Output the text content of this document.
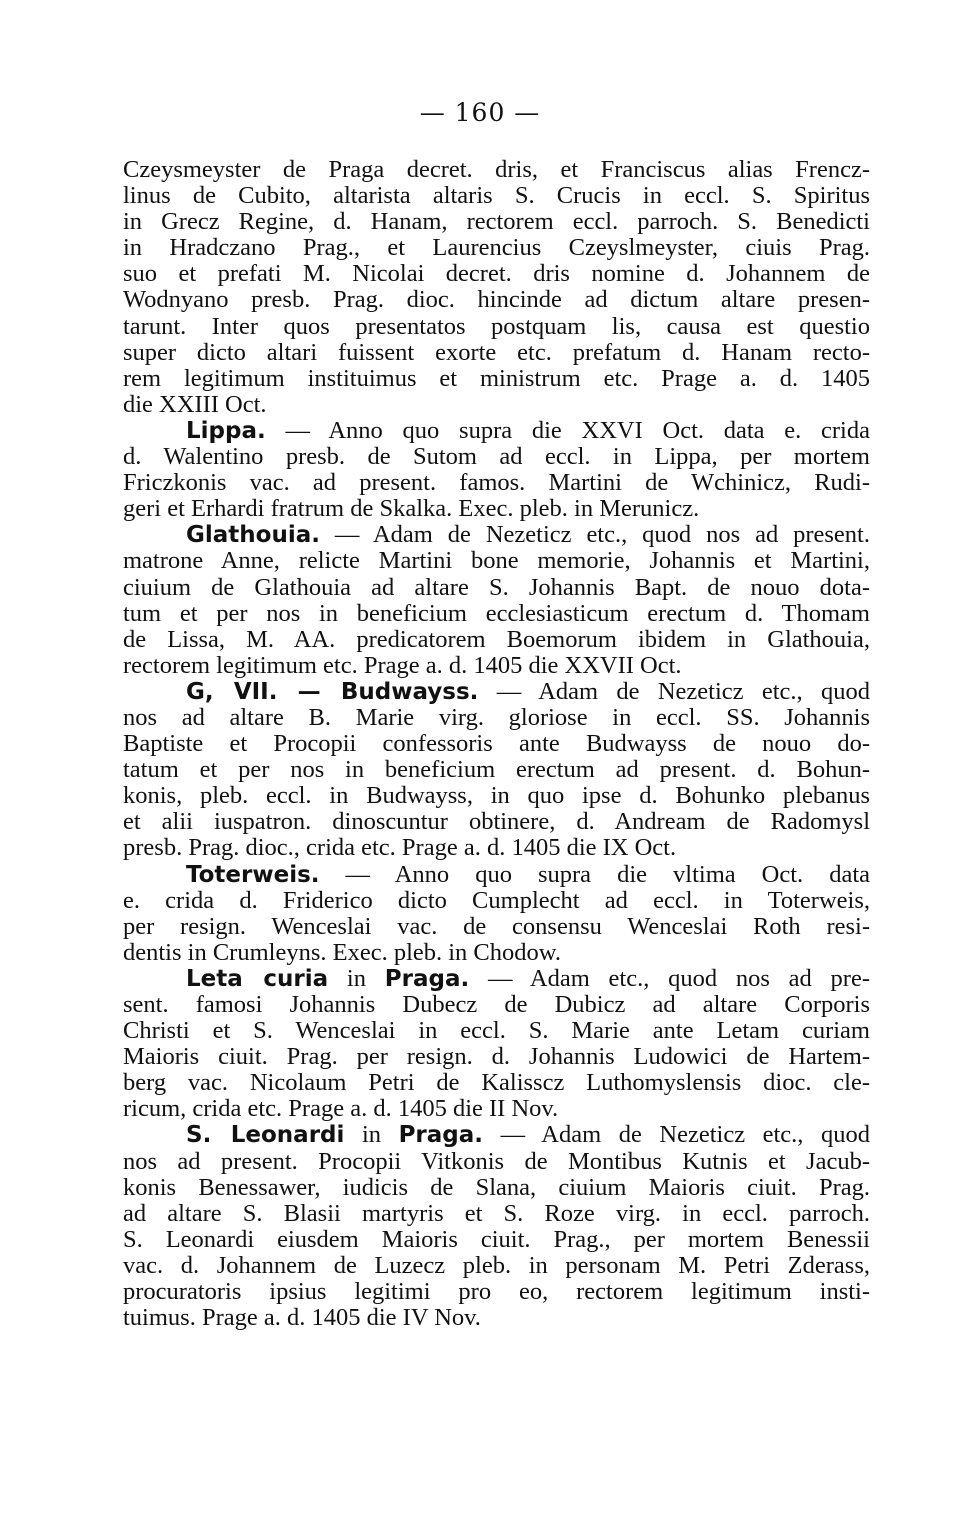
— 160 —
Czeysmeyster de Praga decret. dris, et Franciscus alias Frencz-
linus de Cubito, altarista altaris S. Crucis in eccl. S. Spiritus
in Grecz Regine, d. Hanam, rectorem eccl. parroch. S. Benedicti
in Hradczano Prag., et Laurencius Czeyslmeyster, ciuis Prag.
suo et prefati M. Nicolai decret. dris nomine d. Johannem de
Wodnyano presb. Prag. dioc. hincinde ad dictum altare presen-
tarunt. Inter quos presentatos postquam lis, causa est questio
super dicto altari fuissent exorte etc. prefatum d. Hanam recto-
rem legitimum instituimus et ministrum etc. Prage a. d. 1405
die XXIII Oct.
Lippa. — Anno quo supra die XXVI Oct. data e. crida
d. Walentino presb. de Sutom ad eccl. in Lippa, per mortem
Friczkonis vac. ad present. famos. Martini de Wchinicz, Rudi-
geri et Erhardi fratrum de Skalka. Exec. pleb. in Merunicz.
Glathouia. — Adam de Nezeticz etc., quod nos ad present.
matrone Anne, relicte Martini bone memorie, Johannis et Martini,
ciuium de Glathouia ad altare S. Johannis Bapt. de nouo dota-
tum et per nos in beneficium ecclesiasticum erectum d. Thomam
de Lissa, M. AA. predicatorem Boemorum ibidem in Glathouia,
rectorem legitimum etc. Prage a. d. 1405 die XXVII Oct.
G, VII. — Budwayss. — Adam de Nezeticz etc., quod
nos ad altare B. Marie virg. gloriose in eccl. SS. Johannis
Baptiste et Procopii confessoris ante Budwayss de nouo do-
tatum et per nos in beneficium erectum ad present. d. Bohun-
konis, pleb. eccl. in Budwayss, in quo ipse d. Bohunko plebanus
et alii iuspatron. dinoscuntur obtinere, d. Andream de Radomysl
presb. Prag. dioc., crida etc. Prage a. d. 1405 die IX Oct.
Toterweis. — Anno quo supra die vltima Oct. data
e. crida d. Friderico dicto Cumplecht ad eccl. in Toterweis,
per resign. Wenceslai vac. de consensu Wenceslai Roth resi-
dentis in Crumleyns. Exec. pleb. in Chodow.
Leta curia in Praga. — Adam etc., quod nos ad pre-
sent. famosi Johannis Dubecz de Dubicz ad altare Corporis
Christi et S. Wenceslai in eccl. S. Marie ante Letam curiam
Maioris ciuit. Prag. per resign. d. Johannis Ludowici de Hartem-
berg vac. Nicolaum Petri de Kalisscz Luthomyslensis dioc. cle-
ricum, crida etc. Prage a. d. 1405 die II Nov.
S. Leonardi in Praga. — Adam de Nezeticz etc., quod
nos ad present. Procopii Vitkonis de Montibus Kutnis et Jacub-
konis Benessawer, iudicis de Slana, ciuium Maioris ciuit. Prag.
ad altare S. Blasii martyris et S. Roze virg. in eccl. parroch.
S. Leonardi eiusdem Maioris ciuit. Prag., per mortem Benessii
vac. d. Johannem de Luzecz pleb. in personam M. Petri Zderass,
procuratoris ipsius legitimi pro eo, rectorem legitimum insti-
tuimus. Prage a. d. 1405 die IV Nov.
